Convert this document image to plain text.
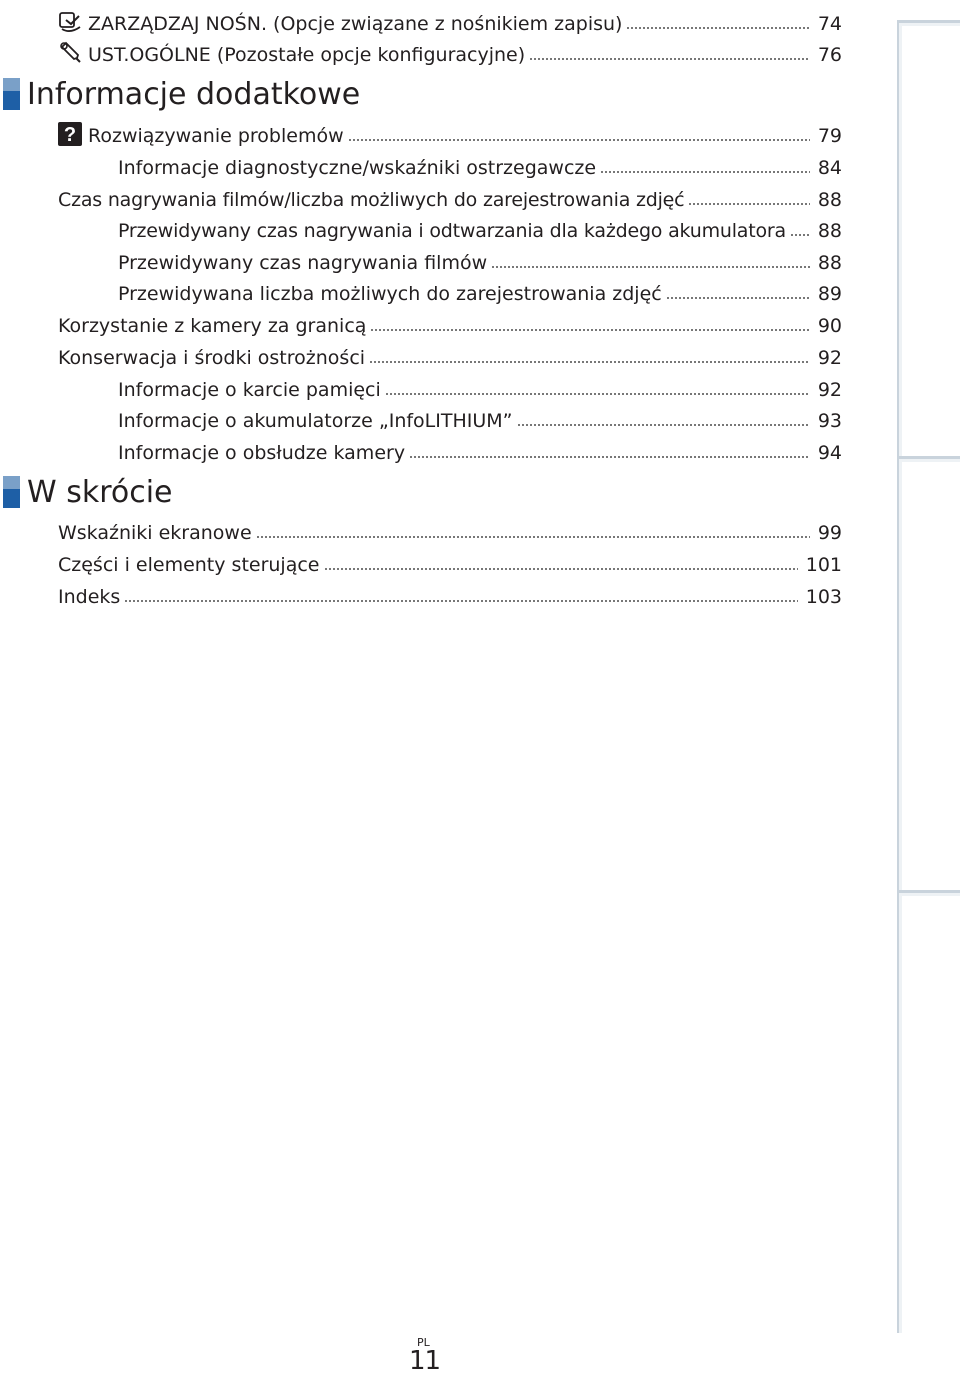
ZARZĄDZAJ NOŚN. (Opcje związane z nośnikiem zapisu)	74
UST.OGÓLNE (Pozostałe opcje konfiguracyjne)	76
Informacje dodatkowe
? Rozwiązywanie problemów	79
Informacje diagnostyczne/wskaźniki ostrzegawcze	84
Czas nagrywania filmów/liczba możliwych do zarejestrowania zdjęć	88
Przewidywany czas nagrywania i odtwarzania dla każdego akumulatora 88
Przewidywany czas nagrywania filmów	88
Przewidywana liczba możliwych do zarejestrowania zdjęć	89
Korzystanie z kamery za granicą	90
Konserwacja i środki ostrożności	92
Informacje o karcie pamięci	92
Informacje o akumulatorze „InfoLITHIUM”	93
Informacje o obsłudze kamery	94
W skrócie
Wskaźniki ekranowe	99
Części i elementy sterujące	101
Indeks	103
PL
11
